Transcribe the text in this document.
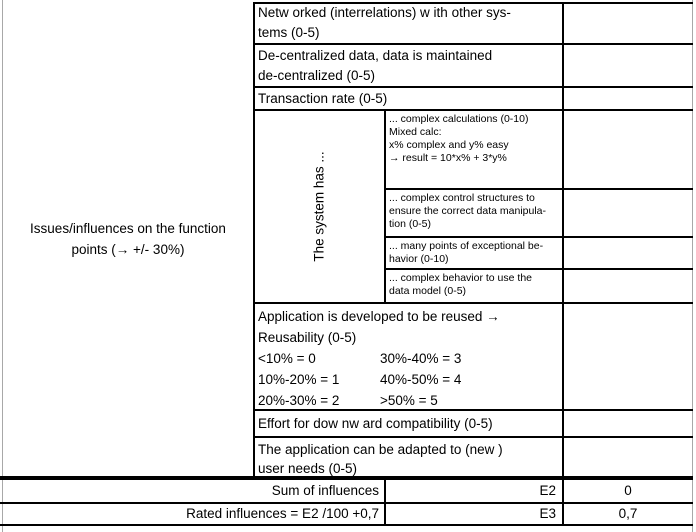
Issues/influences on the function
points (→ +/- 30%)
Netw orked (interrelations) w ith other sys-
tems (0-5)
De-centralized data, data is maintained
de-centralized (0-5)
Transaction rate (0-5)
The system has ...
... complex calculations (0-10)
Mixed calc:
x% complex and y% easy
→ result = 10*x% + 3*y%
... complex control structures to
ensure the correct data manipula-
tion (0-5)
... many points of exceptional be-
havior (0-10)
... complex behavior to use the
data model (0-5)
Application is developed to be reused →
Reusability (0-5)
<10% = 0	30%-40% = 3
10%-20% = 1	40%-50% = 4
20%-30% = 2	>50% = 5
Effort for dow nw ard compatibility (0-5)
The application can be adapted to (new )
user needs (0-5)
Sum of influences	E2	0
Rated influences = E2 /100 +0,7	E3	0,7
